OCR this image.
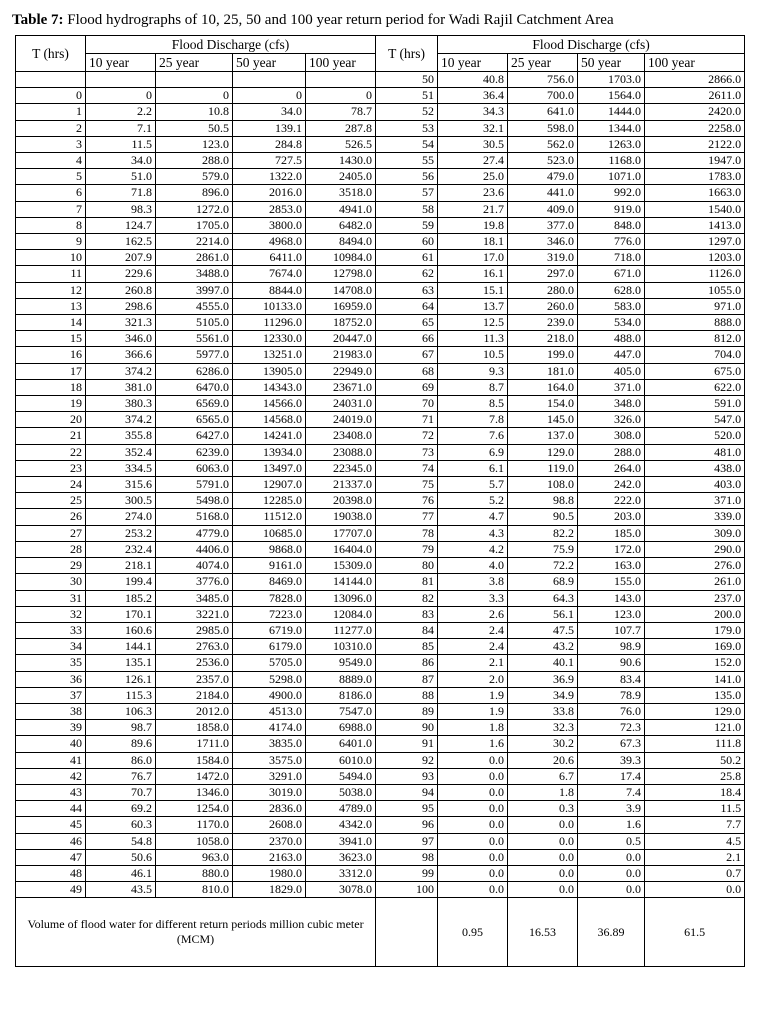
Table 7: Flood hydrographs of 10, 25, 50 and 100 year return period for Wadi Rajil Catchment Area
T (hrs)	Flood Discharge (cfs)				T (hrs)	Flood Discharge (cfs)			
	10 year	25 year	50 year	100 year		10 year	25 year	50 year	100 year
					50	40.8	756.0	1703.0	2866.0
0	0	0	0	0	51	36.4	700.0	1564.0	2611.0
1	2.2	10.8	34.0	78.7	52	34.3	641.0	1444.0	2420.0
2	7.1	50.5	139.1	287.8	53	32.1	598.0	1344.0	2258.0
3	11.5	123.0	284.8	526.5	54	30.5	562.0	1263.0	2122.0
4	34.0	288.0	727.5	1430.0	55	27.4	523.0	1168.0	1947.0
5	51.0	579.0	1322.0	2405.0	56	25.0	479.0	1071.0	1783.0
6	71.8	896.0	2016.0	3518.0	57	23.6	441.0	992.0	1663.0
7	98.3	1272.0	2853.0	4941.0	58	21.7	409.0	919.0	1540.0
8	124.7	1705.0	3800.0	6482.0	59	19.8	377.0	848.0	1413.0
9	162.5	2214.0	4968.0	8494.0	60	18.1	346.0	776.0	1297.0
10	207.9	2861.0	6411.0	10984.0	61	17.0	319.0	718.0	1203.0
11	229.6	3488.0	7674.0	12798.0	62	16.1	297.0	671.0	1126.0
12	260.8	3997.0	8844.0	14708.0	63	15.1	280.0	628.0	1055.0
13	298.6	4555.0	10133.0	16959.0	64	13.7	260.0	583.0	971.0
14	321.3	5105.0	11296.0	18752.0	65	12.5	239.0	534.0	888.0
15	346.0	5561.0	12330.0	20447.0	66	11.3	218.0	488.0	812.0
16	366.6	5977.0	13251.0	21983.0	67	10.5	199.0	447.0	704.0
17	374.2	6286.0	13905.0	22949.0	68	9.3	181.0	405.0	675.0
18	381.0	6470.0	14343.0	23671.0	69	8.7	164.0	371.0	622.0
19	380.3	6569.0	14566.0	24031.0	70	8.5	154.0	348.0	591.0
20	374.2	6565.0	14568.0	24019.0	71	7.8	145.0	326.0	547.0
21	355.8	6427.0	14241.0	23408.0	72	7.6	137.0	308.0	520.0
22	352.4	6239.0	13934.0	23088.0	73	6.9	129.0	288.0	481.0
23	334.5	6063.0	13497.0	22345.0	74	6.1	119.0	264.0	438.0
24	315.6	5791.0	12907.0	21337.0	75	5.7	108.0	242.0	403.0
25	300.5	5498.0	12285.0	20398.0	76	5.2	98.8	222.0	371.0
26	274.0	5168.0	11512.0	19038.0	77	4.7	90.5	203.0	339.0
27	253.2	4779.0	10685.0	17707.0	78	4.3	82.2	185.0	309.0
28	232.4	4406.0	9868.0	16404.0	79	4.2	75.9	172.0	290.0
29	218.1	4074.0	9161.0	15309.0	80	4.0	72.2	163.0	276.0
30	199.4	3776.0	8469.0	14144.0	81	3.8	68.9	155.0	261.0
31	185.2	3485.0	7828.0	13096.0	82	3.3	64.3	143.0	237.0
32	170.1	3221.0	7223.0	12084.0	83	2.6	56.1	123.0	200.0
33	160.6	2985.0	6719.0	11277.0	84	2.4	47.5	107.7	179.0
34	144.1	2763.0	6179.0	10310.0	85	2.4	43.2	98.9	169.0
35	135.1	2536.0	5705.0	9549.0	86	2.1	40.1	90.6	152.0
36	126.1	2357.0	5298.0	8889.0	87	2.0	36.9	83.4	141.0
37	115.3	2184.0	4900.0	8186.0	88	1.9	34.9	78.9	135.0
38	106.3	2012.0	4513.0	7547.0	89	1.9	33.8	76.0	129.0
39	98.7	1858.0	4174.0	6988.0	90	1.8	32.3	72.3	121.0
40	89.6	1711.0	3835.0	6401.0	91	1.6	30.2	67.3	111.8
41	86.0	1584.0	3575.0	6010.0	92	0.0	20.6	39.3	50.2
42	76.7	1472.0	3291.0	5494.0	93	0.0	6.7	17.4	25.8
43	70.7	1346.0	3019.0	5038.0	94	0.0	1.8	7.4	18.4
44	69.2	1254.0	2836.0	4789.0	95	0.0	0.3	3.9	11.5
45	60.3	1170.0	2608.0	4342.0	96	0.0	0.0	1.6	7.7
46	54.8	1058.0	2370.0	3941.0	97	0.0	0.0	0.5	4.5
47	50.6	963.0	2163.0	3623.0	98	0.0	0.0	0.0	2.1
48	46.1	880.0	1980.0	3312.0	99	0.0	0.0	0.0	0.7
49	43.5	810.0	1829.0	3078.0	100	0.0	0.0	0.0	0.0
Volume of flood water for different return periods million cubic meter (MCM)						0.95	16.53	36.89	61.5
